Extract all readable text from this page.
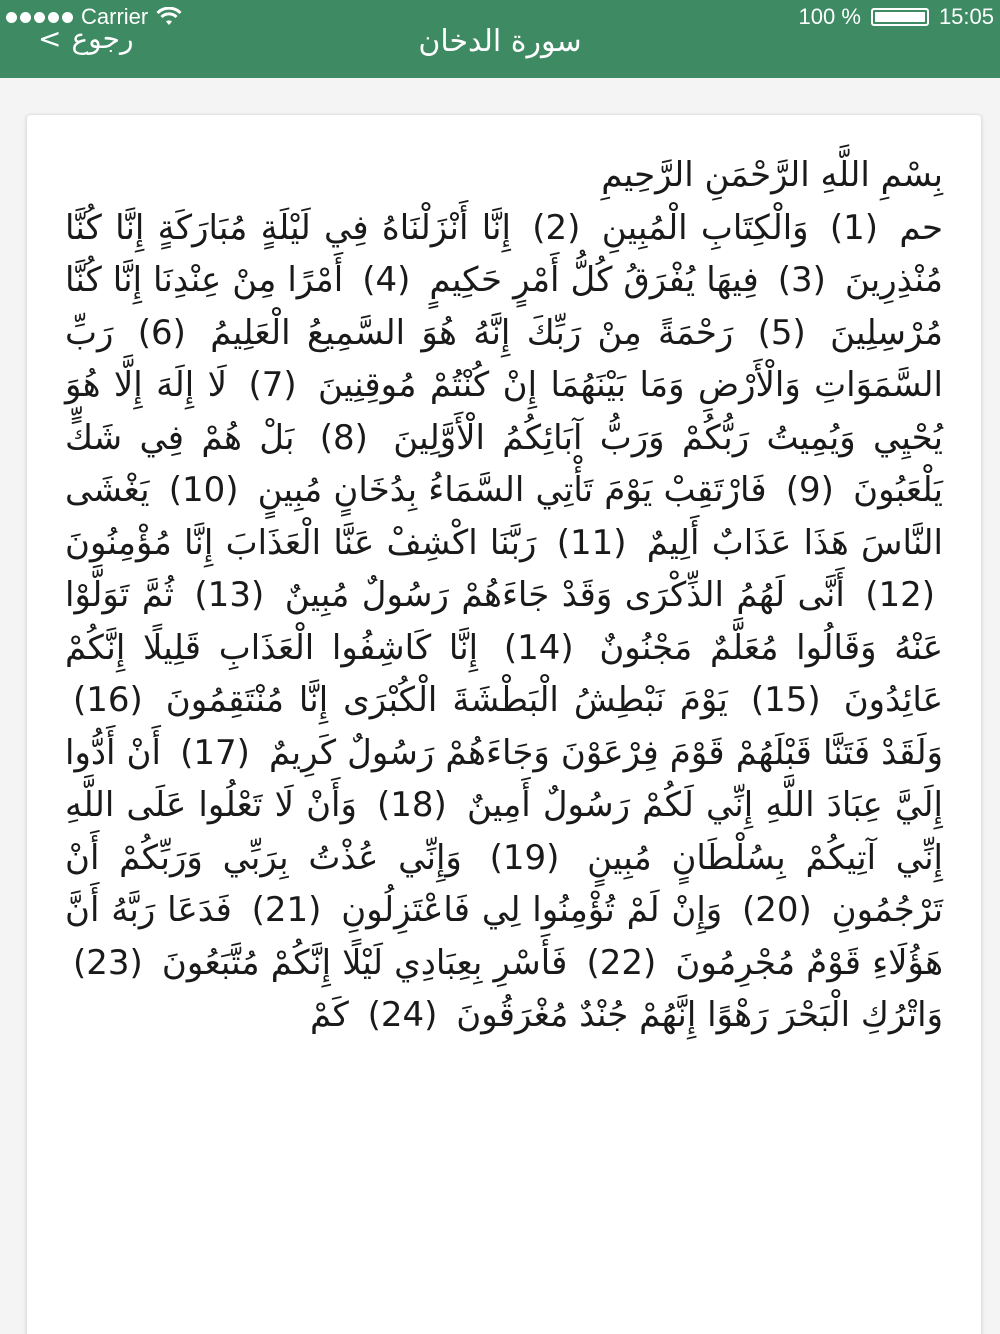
Carrier	100 %	15:05
< رجوع	سورة الدخان

بِسْمِ اللَّهِ الرَّحْمَنِ الرَّحِيمِ
حم (1) وَالْكِتَابِ الْمُبِينِ (2) إِنَّا أَنْزَلْنَاهُ فِي لَيْلَةٍ مُبَارَكَةٍ إِنَّا كُنَّا مُنْذِرِينَ (3) فِيهَا يُفْرَقُ كُلُّ أَمْرٍ حَكِيمٍ (4) أَمْرًا مِنْ عِنْدِنَا إِنَّا كُنَّا مُرْسِلِينَ (5) رَحْمَةً مِنْ رَبِّكَ إِنَّهُ هُوَ السَّمِيعُ الْعَلِيمُ (6) رَبِّ السَّمَوَاتِ وَالْأَرْضِ وَمَا بَيْنَهُمَا إِنْ كُنْتُمْ مُوقِنِينَ (7) لَا إِلَهَ إِلَّا هُوَ يُحْيِي وَيُمِيتُ رَبُّكُمْ وَرَبُّ آبَائِكُمُ الْأَوَّلِينَ (8) بَلْ هُمْ فِي شَكٍّ يَلْعَبُونَ (9) فَارْتَقِبْ يَوْمَ تَأْتِي السَّمَاءُ بِدُخَانٍ مُبِينٍ (10) يَغْشَى النَّاسَ هَذَا عَذَابٌ أَلِيمٌ (11) رَبَّنَا اكْشِفْ عَنَّا الْعَذَابَ إِنَّا مُؤْمِنُونَ (12) أَنَّى لَهُمُ الذِّكْرَى وَقَدْ جَاءَهُمْ رَسُولٌ مُبِينٌ (13) ثُمَّ تَوَلَّوْا عَنْهُ وَقَالُوا مُعَلَّمٌ مَجْنُونٌ (14) إِنَّا كَاشِفُوا الْعَذَابِ قَلِيلًا إِنَّكُمْ عَائِدُونَ (15) يَوْمَ نَبْطِشُ الْبَطْشَةَ الْكُبْرَى إِنَّا مُنْتَقِمُونَ (16) وَلَقَدْ فَتَنَّا قَبْلَهُمْ قَوْمَ فِرْعَوْنَ وَجَاءَهُمْ رَسُولٌ كَرِيمٌ (17) أَنْ أَدُّوا إِلَيَّ عِبَادَ اللَّهِ إِنِّي لَكُمْ رَسُولٌ أَمِينٌ (18) وَأَنْ لَا تَعْلُوا عَلَى اللَّهِ إِنِّي آتِيكُمْ بِسُلْطَانٍ مُبِينٍ (19) وَإِنِّي عُذْتُ بِرَبِّي وَرَبِّكُمْ أَنْ تَرْجُمُونِ (20) وَإِنْ لَمْ تُؤْمِنُوا لِي فَاعْتَزِلُونِ (21) فَدَعَا رَبَّهُ أَنَّ هَؤُلَاءِ قَوْمٌ مُجْرِمُونَ (22) فَأَسْرِ بِعِبَادِي لَيْلًا إِنَّكُمْ مُتَّبَعُونَ (23) وَاتْرُكِ الْبَحْرَ رَهْوًا إِنَّهُمْ جُنْدٌ مُغْرَقُونَ (24) كَمْ
